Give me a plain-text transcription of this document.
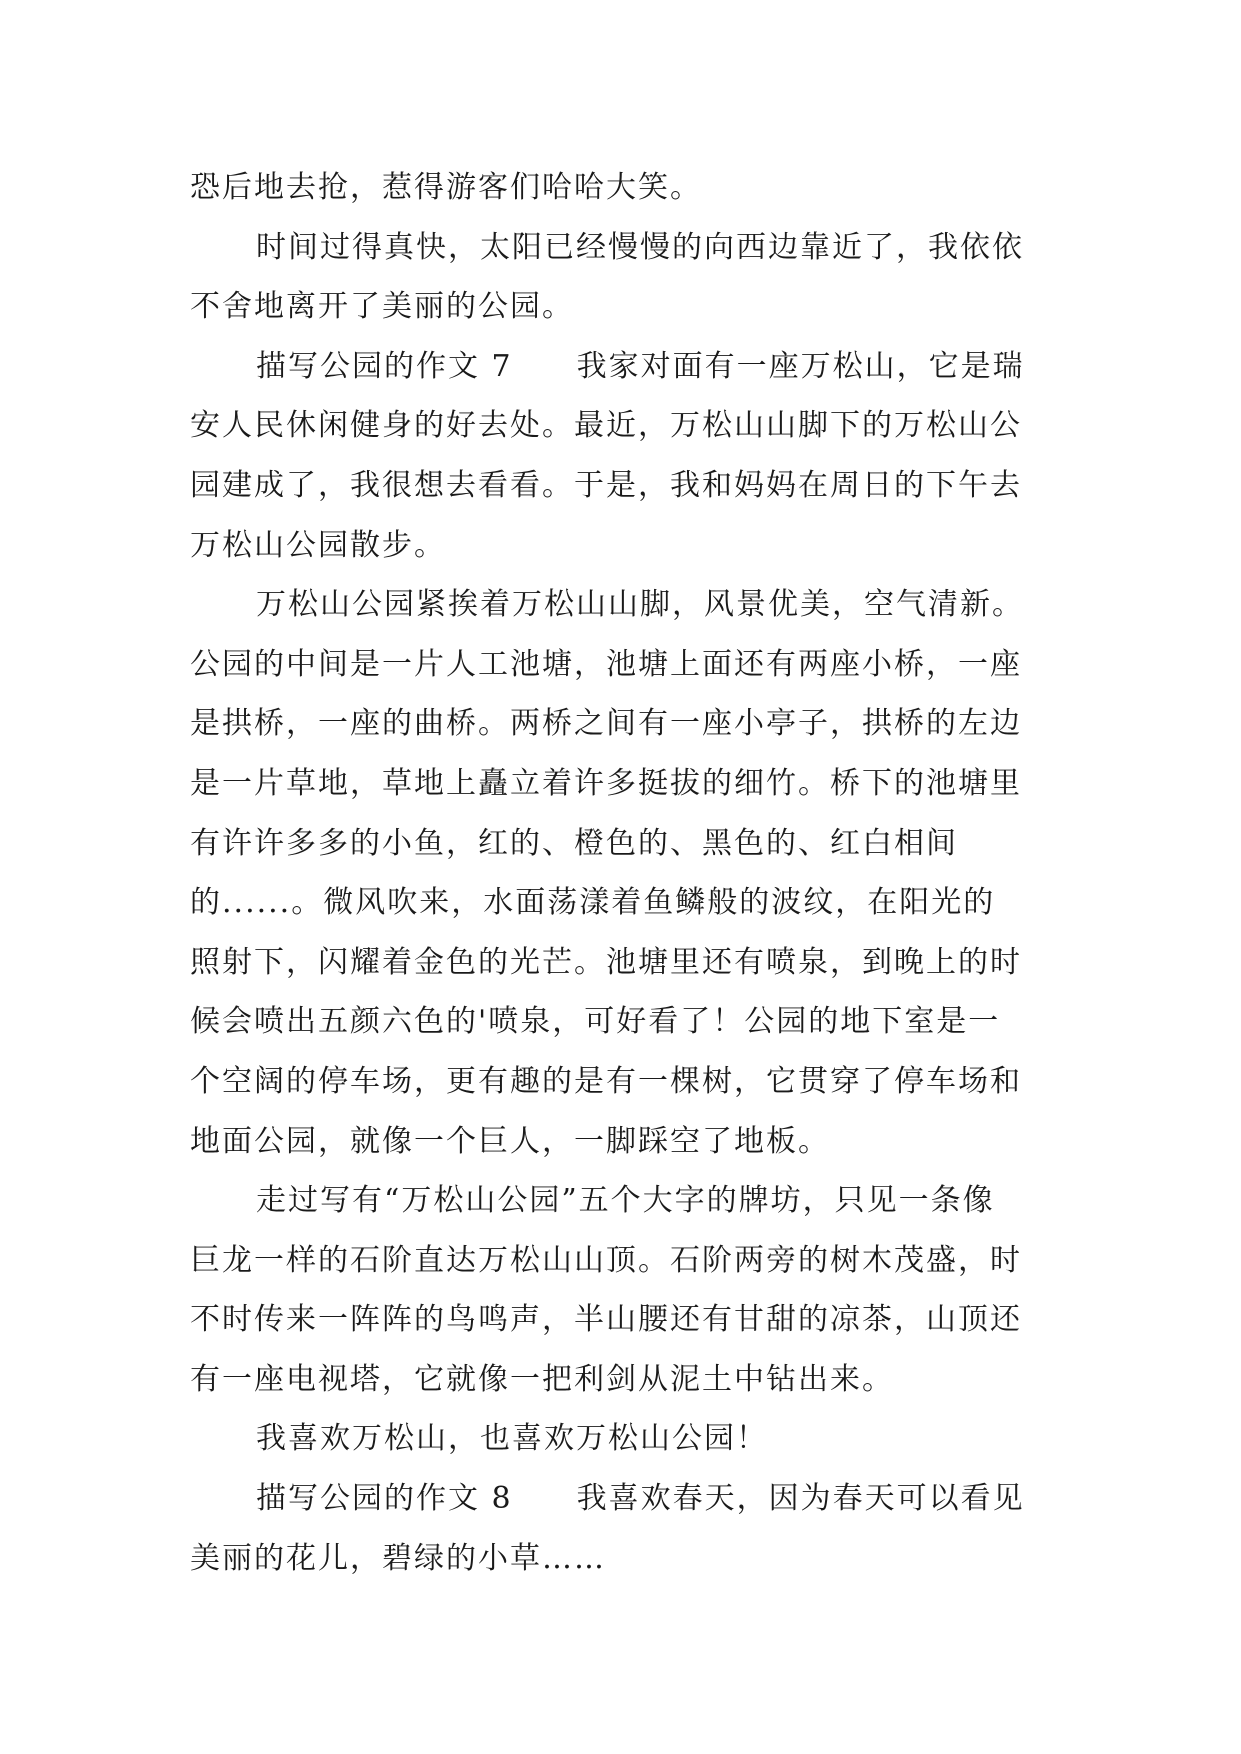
恐后地去抢，惹得游客们哈哈大笑。
时间过得真快，太阳已经慢慢的向西边靠近了，我依依
不舍地离开了美丽的公园。
描写公园的作文 7　　我家对面有一座万松山，它是瑞
安人民休闲健身的好去处。最近，万松山山脚下的万松山公
园建成了，我很想去看看。于是，我和妈妈在周日的下午去
万松山公园散步。
万松山公园紧挨着万松山山脚，风景优美，空气清新。
公园的中间是一片人工池塘，池塘上面还有两座小桥，一座
是拱桥，一座的曲桥。两桥之间有一座小亭子，拱桥的左边
是一片草地，草地上矗立着许多挺拔的细竹。桥下的池塘里
有许许多多的小鱼，红的、橙色的、黑色的、红白相间
的......。微风吹来，水面荡漾着鱼鳞般的波纹，在阳光的
照射下，闪耀着金色的光芒。池塘里还有喷泉，到晚上的时
候会喷出五颜六色的'喷泉，可好看了！公园的地下室是一
个空阔的停车场，更有趣的是有一棵树，它贯穿了停车场和
地面公园，就像一个巨人，一脚踩空了地板。
走过写有“万松山公园”五个大字的牌坊，只见一条像
巨龙一样的石阶直达万松山山顶。石阶两旁的树木茂盛，时
不时传来一阵阵的鸟鸣声，半山腰还有甘甜的凉茶，山顶还
有一座电视塔，它就像一把利剑从泥土中钻出来。
我喜欢万松山，也喜欢万松山公园！
描写公园的作文 8　　我喜欢春天，因为春天可以看见
美丽的花儿，碧绿的小草……
